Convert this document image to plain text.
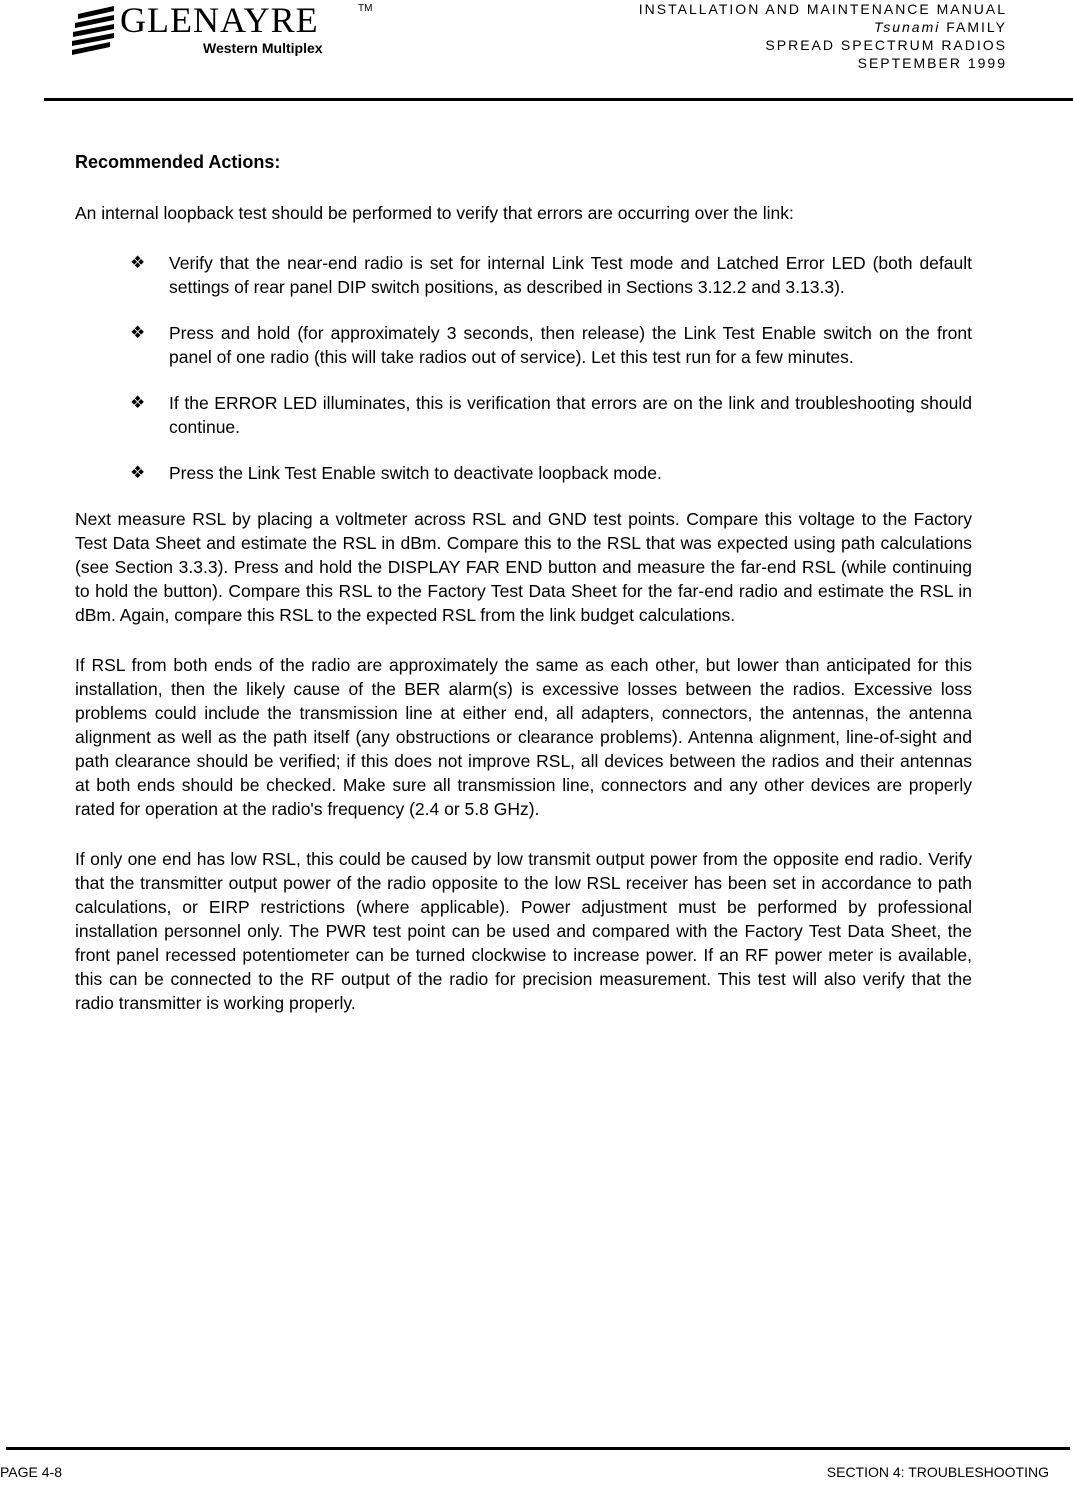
GLENAYRE	TM
Western Multiplex
INSTALLATION AND MAINTENANCE MANUAL
Tsunami FAMILY
SPREAD SPECTRUM RADIOS
SEPTEMBER 1999
Recommended Actions:

An internal loopback test should be performed to verify that errors are occurring over the link:

❖ Verify that the near-end radio is set for internal Link Test mode and Latched Error LED (both default settings of rear panel DIP switch positions, as described in Sections 3.12.2 and 3.13.3).

❖ Press and hold (for approximately 3 seconds, then release) the Link Test Enable switch on the front panel of one radio (this will take radios out of service). Let this test run for a few minutes.

❖ If the ERROR LED illuminates, this is verification that errors are on the link and troubleshooting should continue.

❖ Press the Link Test Enable switch to deactivate loopback mode.

Next measure RSL by placing a voltmeter across RSL and GND test points. Compare this voltage to the Factory Test Data Sheet and estimate the RSL in dBm. Compare this to the RSL that was expected using path calculations (see Section 3.3.3). Press and hold the DISPLAY FAR END button and measure the far-end RSL (while continuing to hold the button). Compare this RSL to the Factory Test Data Sheet for the far-end radio and estimate the RSL in dBm. Again, compare this RSL to the expected RSL from the link budget calculations.

If RSL from both ends of the radio are approximately the same as each other, but lower than anticipated for this installation, then the likely cause of the BER alarm(s) is excessive losses between the radios. Excessive loss problems could include the transmission line at either end, all adapters, connectors, the antennas, the antenna alignment as well as the path itself (any obstructions or clearance problems). Antenna alignment, line-of-sight and path clearance should be verified; if this does not improve RSL, all devices between the radios and their antennas at both ends should be checked. Make sure all transmission line, connectors and any other devices are properly rated for operation at the radio's frequency (2.4 or 5.8 GHz).

If only one end has low RSL, this could be caused by low transmit output power from the opposite end radio. Verify that the transmitter output power of the radio opposite to the low RSL receiver has been set in accordance to path calculations, or EIRP restrictions (where applicable). Power adjustment must be performed by professional installation personnel only. The PWR test point can be used and compared with the Factory Test Data Sheet, the front panel recessed potentiometer can be turned clockwise to increase power. If an RF power meter is available, this can be connected to the RF output of the radio for precision measurement. This test will also verify that the radio transmitter is working properly.

PAGE 4-8	SECTION 4: TROUBLESHOOTING
